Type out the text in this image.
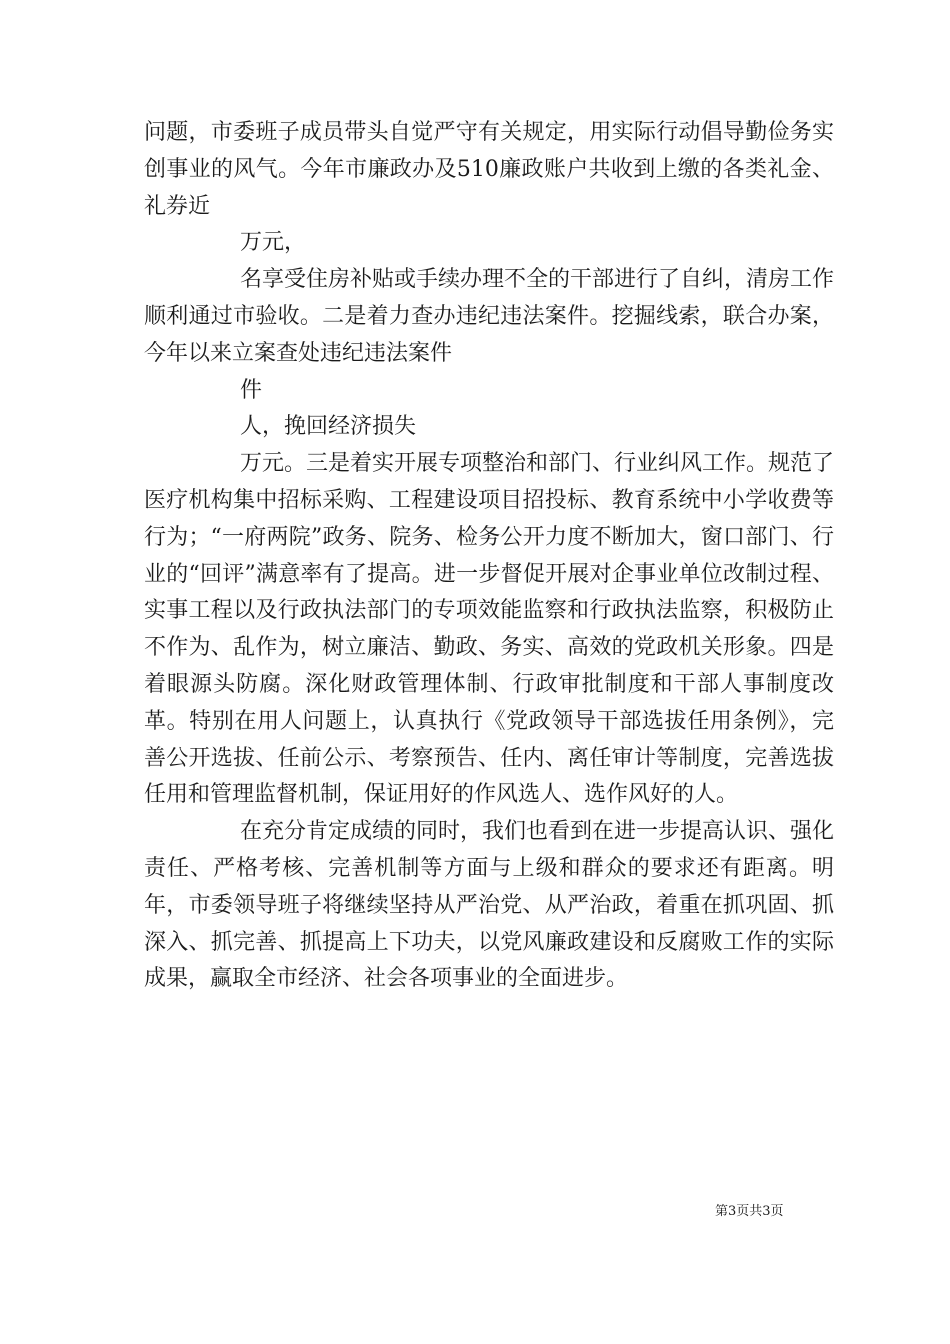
问题，市委班子成员带头自觉严守有关规定，用实际行动倡导勤俭务实创事业的风气。今年市廉政办及510廉政账户共收到上缴的各类礼金、礼券近

万元，

名享受住房补贴或手续办理不全的干部进行了自纠，清房工作顺利通过市验收。二是着力查办违纪违法案件。挖掘线索，联合办案，今年以来立案查处违纪违法案件

件

人，挽回经济损失

万元。三是着实开展专项整治和部门、行业纠风工作。规范了医疗机构集中招标采购、工程建设项目招投标、教育系统中小学收费等行为；“一府两院”政务、院务、检务公开力度不断加大，窗口部门、行业的“回评”满意率有了提高。进一步督促开展对企事业单位改制过程、实事工程以及行政执法部门的专项效能监察和行政执法监察，积极防止不作为、乱作为，树立廉洁、勤政、务实、高效的党政机关形象。四是着眼源头防腐。深化财政管理体制、行政审批制度和干部人事制度改革。特别在用人问题上，认真执行《党政领导干部选拔任用条例》，完善公开选拔、任前公示、考察预告、任内、离任审计等制度，完善选拔任用和管理监督机制，保证用好的作风选人、选作风好的人。

在充分肯定成绩的同时，我们也看到在进一步提高认识、强化责任、严格考核、完善机制等方面与上级和群众的要求还有距离。明年，市委领导班子将继续坚持从严治党、从严治政，着重在抓巩固、抓深入、抓完善、抓提高上下功夫，以党风廉政建设和反腐败工作的实际成果，赢取全市经济、社会各项事业的全面进步。

第3页共3页
